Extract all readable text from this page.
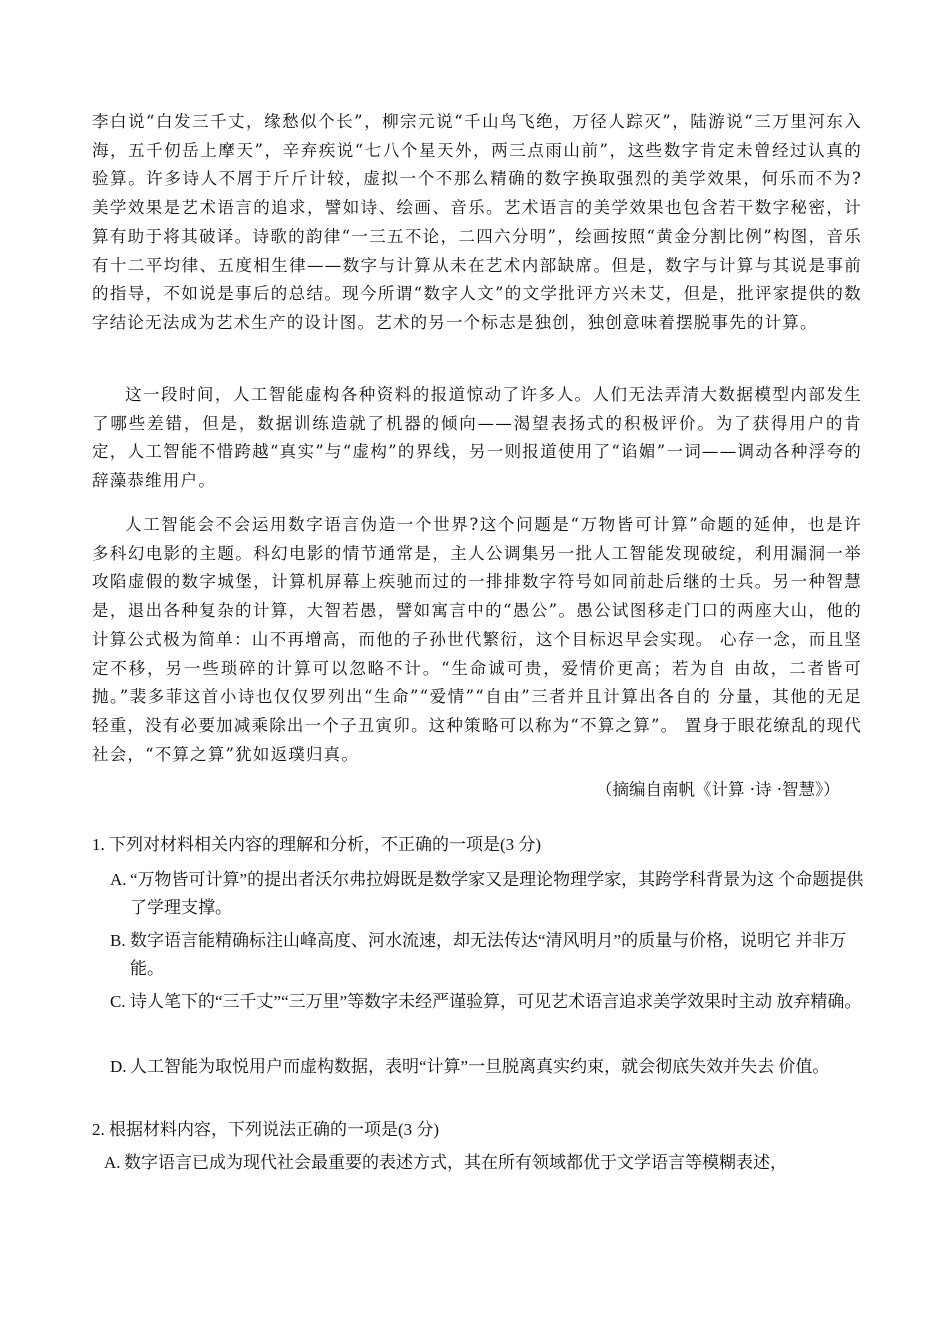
李白说“白发三千丈，缘愁似个长”，柳宗元说“千山鸟飞绝，万径人踪灭”，陆游说“三万里河东入海，五千仞岳上摩天”，辛弃疾说“七八个星天外，两三点雨山前”，这些数字肯定未曾经过认真的验算。许多诗人不屑于斤斤计较，虚拟一个不那么精确的数字换取强烈的美学效果，何乐而不为?美学效果是艺术语言的追求，譬如诗、绘画、音乐。艺术语言的美学效果也包含若干数字秘密，计算有助于将其破译。诗歌的韵律“一三五不论，二四六分明”，绘画按照“黄金分割比例”构图，音乐有十二平均律、五度相生律——数字与计算从未在艺术内部缺席。但是，数字与计算与其说是事前的指导，不如说是事后的总结。现今所谓“数字人文”的文学批评方兴未艾，但是，批评家提供的数字结论无法成为艺术生产的设计图。艺术的另一个标志是独创，独创意味着摆脱事先的计算。

这一段时间，人工智能虚构各种资料的报道惊动了许多人。人们无法弄清大数据模型内部发生了哪些差错，但是，数据训练造就了机器的倾向——渴望表扬式的积极评价。为了获得用户的肯定，人工智能不惜跨越“真实”与“虚构”的界线，另一则报道使用了“谄媚”一词——调动各种浮夸的辞藻恭维用户。

人工智能会不会运用数字语言伪造一个世界?这个问题是“万物皆可计算”命题的延伸，也是许多科幻电影的主题。科幻电影的情节通常是，主人公调集另一批人工智能发现破绽，利用漏洞一举攻陷虚假的数字城堡，计算机屏幕上疾驰而过的一排排数字符号如同前赴后继的士兵。另一种智慧是，退出各种复杂的计算，大智若愚，譬如寓言中的“愚公”。愚公试图移走门口的两座大山，他的计算公式极为简单：山不再增高，而他的子孙世代繁衍，这个目标迟早会实现。 心存一念，而且坚定不移，另一些琐碎的计算可以忽略不计。“生命诚可贵，爱情价更高；若为自 由故，二者皆可抛。”裴多菲这首小诗也仅仅罗列出“生命”“爱情”“自由”三者并且计算出各自的 分量，其他的无足轻重，没有必要加减乘除出一个子丑寅卯。这种策略可以称为“不算之算”。 置身于眼花缭乱的现代社会，“不算之算”犹如返璞归真。

（摘编自南帆《计算 ·诗 ·智慧》）

1. 下列对材料相关内容的理解和分析，不正确的一项是(3 分)

A. “万物皆可计算”的提出者沃尔弗拉姆既是数学家又是理论物理学家，其跨学科背景为这 个命题提供了学理支撑。

B. 数字语言能精确标注山峰高度、河水流速，却无法传达“清风明月”的质量与价格，说明它 并非万能。

C. 诗人笔下的“三千丈”“三万里”等数字未经严谨验算，可见艺术语言追求美学效果时主动 放弃精确。

D. 人工智能为取悦用户而虚构数据，表明“计算”一旦脱离真实约束，就会彻底失效并失去 价值。

2. 根据材料内容，下列说法正确的一项是(3 分)

A. 数字语言已成为现代社会最重要的表述方式，其在所有领域都优于文学语言等模糊表述，
